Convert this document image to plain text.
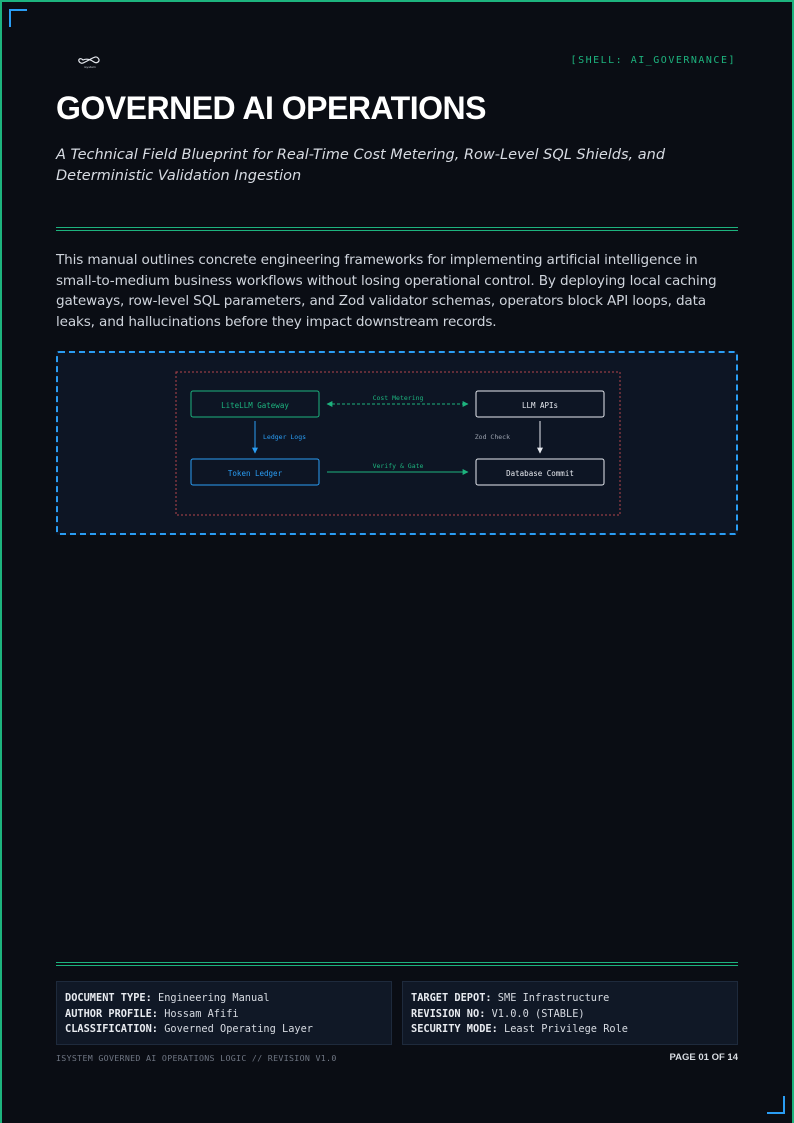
isystem
[SHELL: AI_GOVERNANCE]
GOVERNED AI OPERATIONS

A Technical Field Blueprint for Real-Time Cost Metering, Row-Level SQL Shields, and Deterministic Validation Ingestion

This manual outlines concrete engineering frameworks for implementing artificial intelligence in small-to-medium business workflows without losing operational control. By deploying local caching gateways, row-level SQL parameters, and Zod validator schemas, operators block API loops, data leaks, and hallucinations before they impact downstream records.

LiteLLM Gateway	LLM APIs
Token Ledger	Database Commit
Cost Metering
Ledger Logs	Zod Check
Verify & Gate
DOCUMENT TYPE: Engineering Manual
AUTHOR PROFILE: Hossam Afifi
CLASSIFICATION: Governed Operating Layer
TARGET DEPOT: SME Infrastructure
REVISION NO: V1.0.0 (STABLE)
SECURITY MODE: Least Privilege Role
ISYSTEM GOVERNED AI OPERATIONS LOGIC // REVISION V1.0	PAGE 01 OF 14
